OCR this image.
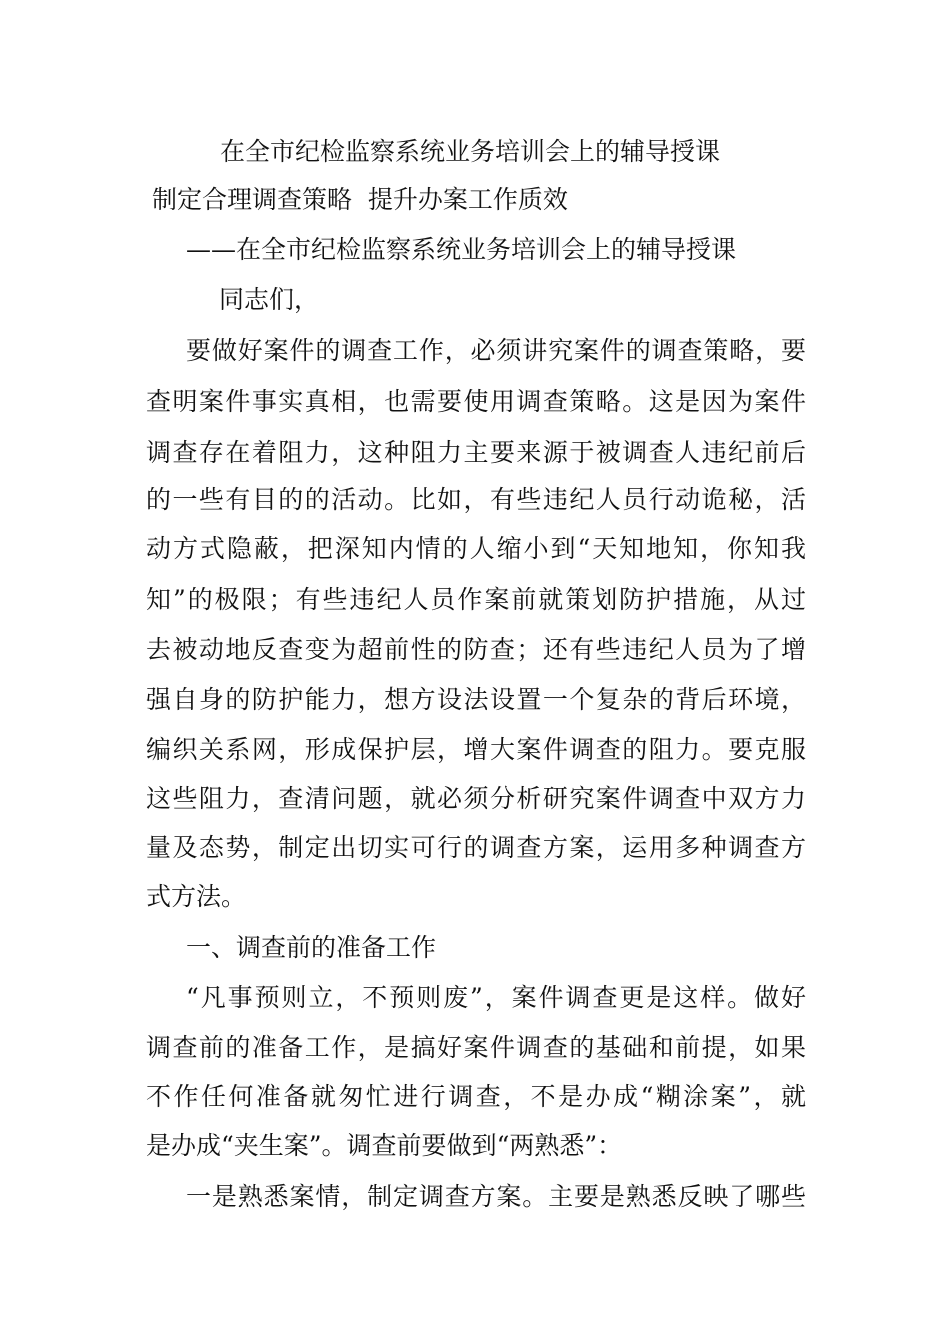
在全市纪检监察系统业务培训会上的辅导授课
制定合理调查策略  提升办案工作质效
——在全市纪检监察系统业务培训会上的辅导授课
同志们，
要做好案件的调查工作，必须讲究案件的调查策略，要
查明案件事实真相，也需要使用调查策略。这是因为案件
调查存在着阻力，这种阻力主要来源于被调查人违纪前后
的一些有目的的活动。比如，有些违纪人员行动诡秘，活
动方式隐蔽，把深知内情的人缩小到“天知地知，你知我
知”的极限；有些违纪人员作案前就策划防护措施，从过
去被动地反查变为超前性的防查；还有些违纪人员为了增
强自身的防护能力，想方设法设置一个复杂的背后环境，
编织关系网，形成保护层，增大案件调查的阻力。要克服
这些阻力，查清问题，就必须分析研究案件调查中双方力
量及态势，制定出切实可行的调查方案，运用多种调查方
式方法。
一、调查前的准备工作
“凡事预则立，不预则废”，案件调查更是这样。做好
调查前的准备工作，是搞好案件调查的基础和前提，如果
不作任何准备就匆忙进行调查，不是办成“糊涂案”，就
是办成“夹生案”。调查前要做到“两熟悉”：
一是熟悉案情，制定调查方案。主要是熟悉反映了哪些
